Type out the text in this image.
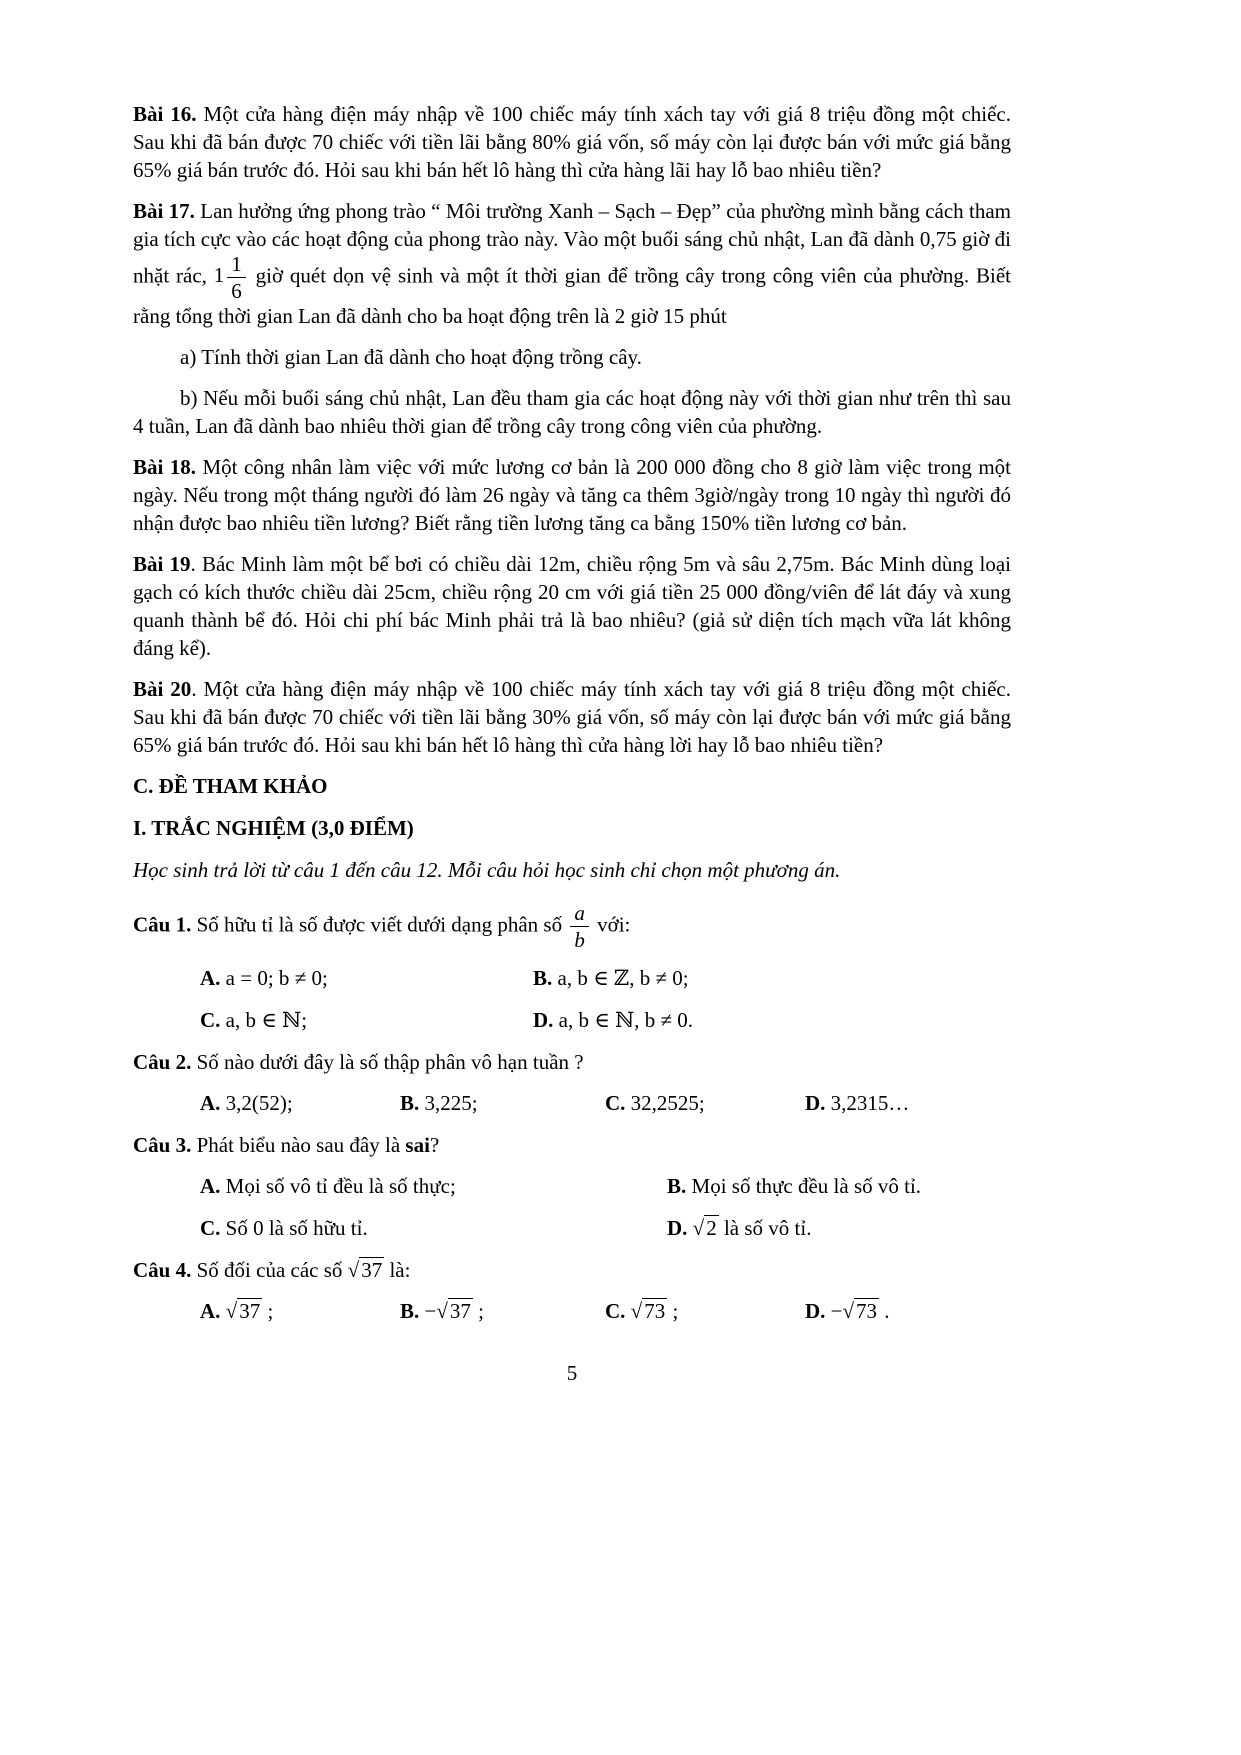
Bài 16. Một cửa hàng điện máy nhập về 100 chiếc máy tính xách tay với giá 8 triệu đồng một chiếc. Sau khi đã bán được 70 chiếc với tiền lãi bằng 80% giá vốn, số máy còn lại được bán với mức giá bằng 65% giá bán trước đó. Hỏi sau khi bán hết lô hàng thì cửa hàng lãi hay lỗ bao nhiêu tiền?

Bài 17. Lan hưởng ứng phong trào “ Môi trường Xanh – Sạch – Đẹp” của phường mình bằng cách tham gia tích cực vào các hoạt động của phong trào này. Vào một buổi sáng chủ nhật, Lan đã dành 0,75 giờ đi nhặt rác, $1 \frac{1}{6}$ giờ quét dọn vệ sinh và một ít thời gian để trồng cây trong công viên của phường. Biết rằng tổng thời gian Lan đã dành cho ba hoạt động trên là 2 giờ 15 phút

a) Tính thời gian Lan đã dành cho hoạt động trồng cây.

b) Nếu mỗi buổi sáng chủ nhật, Lan đều tham gia các hoạt động này với thời gian như trên thì sau 4 tuần, Lan đã dành bao nhiêu thời gian để trồng cây trong công viên của phường.

Bài 18. Một công nhân làm việc với mức lương cơ bản là 200 000 đồng cho 8 giờ làm việc trong một ngày. Nếu trong một tháng người đó làm 26 ngày và tăng ca thêm 3giờ/ngày trong 10 ngày thì người đó nhận được bao nhiêu tiền lương? Biết rằng tiền lương tăng ca bằng 150% tiền lương cơ bản.

Bài 19. Bác Minh làm một bể bơi có chiều dài 12m, chiều rộng 5m và sâu 2,75m. Bác Minh dùng loại gạch có kích thước chiều dài 25cm, chiều rộng 20 cm với giá tiền 25 000 đồng/viên để lát đáy và xung quanh thành bể đó. Hỏi chi phí bác Minh phải trả là bao nhiêu? (giả sử diện tích mạch vữa lát không đáng kể).

Bài 20. Một cửa hàng điện máy nhập về 100 chiếc máy tính xách tay với giá 8 triệu đồng một chiếc. Sau khi đã bán được 70 chiếc với tiền lãi bằng 30% giá vốn, số máy còn lại được bán với mức giá bằng 65% giá bán trước đó. Hỏi sau khi bán hết lô hàng thì cửa hàng lời hay lỗ bao nhiêu tiền?

C. ĐỀ THAM KHẢO

I. TRẮC NGHIỆM (3,0 ĐIỂM)

Học sinh trả lời từ câu 1 đến câu 12. Mỗi câu hỏi học sinh chỉ chọn một phương án.

Câu 1. Số hữu tỉ là số được viết dưới dạng phân số $\frac{a}{b}$ với:

A. a = 0; b ≠ 0;	B. a, b ∈ ℤ, b ≠ 0;
C. a, b ∈ ℕ;	D. a, b ∈ ℕ, b ≠ 0.

Câu 2. Số nào dưới đây là số thập phân vô hạn tuần ?

A. 3,2(52);	B. 3,225;	C. 32,2525;	D. 3,2315…

Câu 3. Phát biểu nào sau đây là sai?

A. Mọi số vô tỉ đều là số thực;	B. Mọi số thực đều là số vô tỉ.
C. Số 0 là số hữu tỉ.	D. √2 là số vô tỉ.

Câu 4. Số đối của các số √37 là:

A. √37 ;	B. −√37 ;	C. √73 ;	D. −√73 .
5
